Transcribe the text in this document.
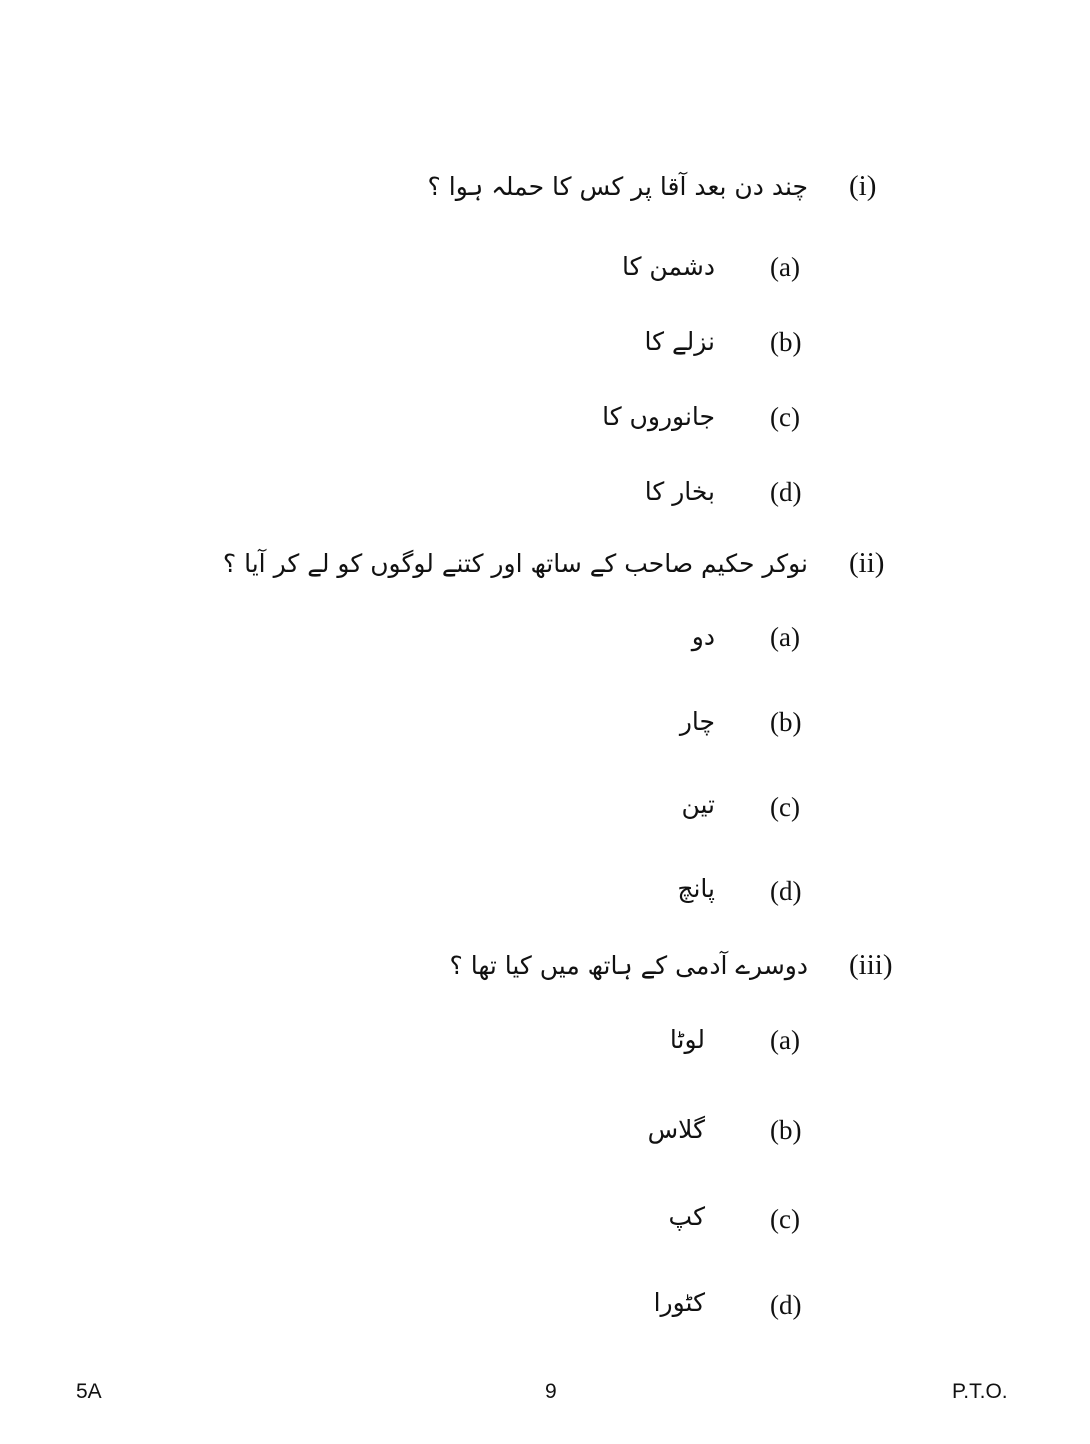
(i)
چند دن بعد آقا پر کس کا حملہ ہوا ؟
(a)
دشمن کا
(b)
نزلے کا
(c)
جانوروں کا
(d)
بخار کا
(ii)
نوکر حکیم صاحب کے ساتھ اور کتنے لوگوں کو لے کر آیا ؟
(a)
دو
(b)
چار
(c)
تین
(d)
پانچ
(iii)
دوسرے آدمی کے ہاتھ میں کیا تھا ؟
(a)
لوٹا
(b)
گلاس
(c)
کپ
(d)
کٹورا
5A	9	P.T.O.
